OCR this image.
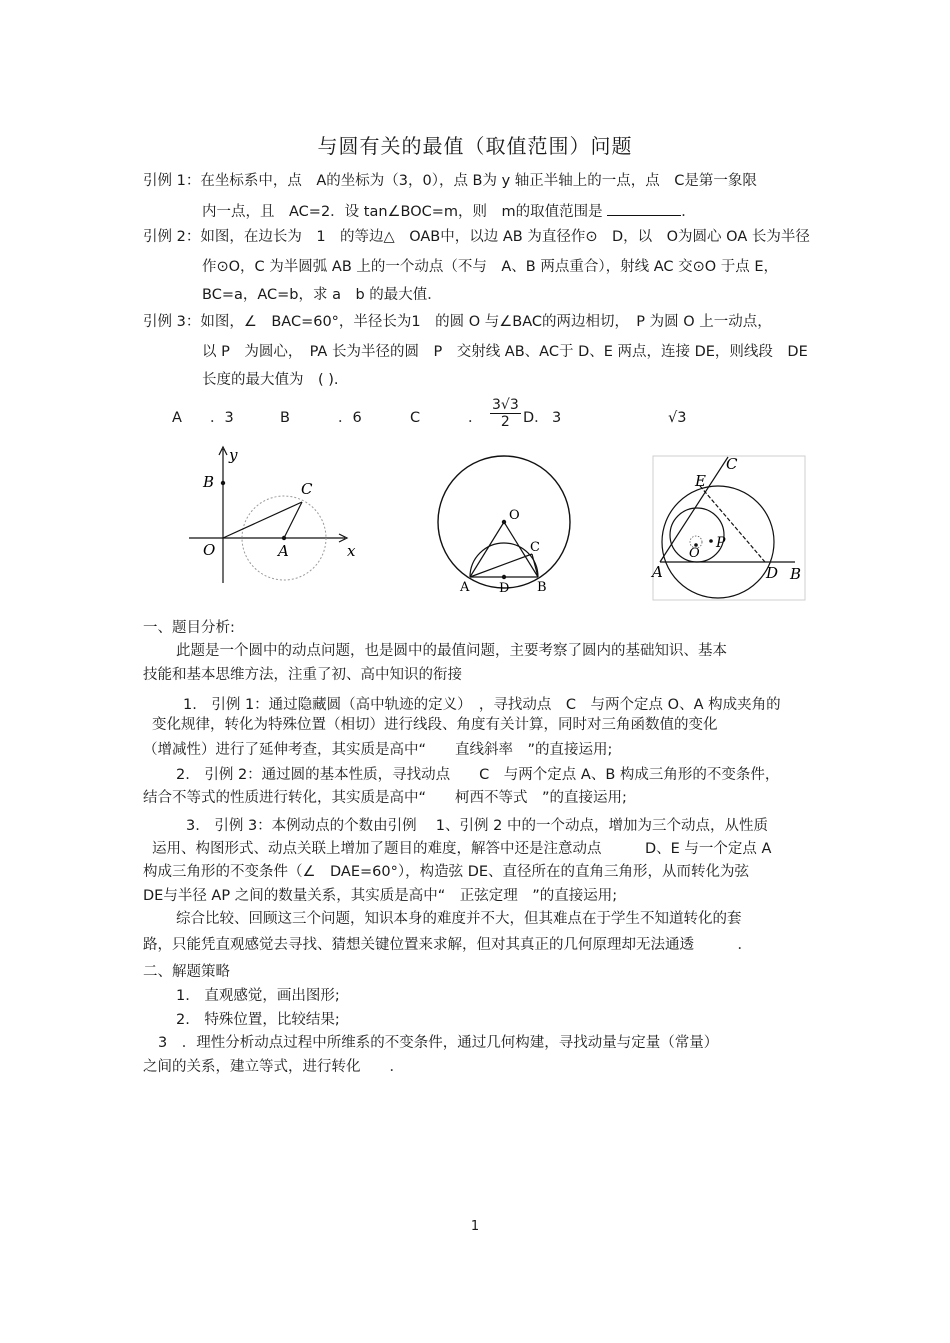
与圆有关的最值（取值范围）问题
引例 1：在坐标系中，点　A的坐标为（3，0），点 B为 y 轴正半轴上的一点，点　C是第一象限
内一点，且　AC=2．设 tan∠BOC=m，则　m的取值范围是	．
引例 2：如图，在边长为　1　的等边△　OAB中，以边 AB 为直径作⊙　D，以　O为圆心 OA 长为半径
作⊙O，C 为半圆弧 AB 上的一个动点（不与　A、B 两点重合），射线 AC 交⊙O 于点 E，
BC=a，AC=b，求 a　b 的最大值．
引例 3：如图，∠　BAC=60°，半径长为1　的圆 O 与∠BAC的两边相切，　P 为圆 O 上一动点，
以 P　为圆心，　PA 长为半径的圆　P　交射线 AB、AC于 D、E 两点，连接 DE，则线段　DE
长度的最大值为　( ).
A ．3	B	．6	C	． $\frac{3√3}{2}$ D． 3	√3
y
B	C
O	A	x
O
C
A D B
C
E
O
P
A	D B
一、题目分析:
此题是一个圆中的动点问题，也是圆中的最值问题，主要考察了圆内的基础知识、基本
技能和基本思维方法，注重了初、高中知识的衔接
1.　引例 1：通过隐藏圆（高中轨迹的定义）　，寻找动点　C　与两个定点 O、A 构成夹角的
变化规律，转化为特殊位置（相切）进行线段、角度有关计算，同时对三角函数值的变化
（增减性）进行了延伸考查，其实质是高中“　　直线斜率　”的直接运用;
2.　引例 2：通过圆的基本性质，寻找动点　　C　与两个定点 A、B 构成三角形的不变条件，
结合不等式的性质进行转化，其实质是高中“　　柯西不等式　”的直接运用;
3.　引例 3：本例动点的个数由引例　 1、引例 2 中的一个动点，增加为三个动点，从性质
运用、构图形式、动点关联上增加了题目的难度，解答中还是注意动点　　　D、E 与一个定点 A
构成三角形的不变条件（∠　DAE=60°），构造弦 DE、直径所在的直角三角形，从而转化为弦
DE与半径 AP 之间的数量关系，其实质是高中“　正弦定理　”的直接运用;
综合比较、回顾这三个问题，知识本身的难度并不大，但其难点在于学生不知道转化的套
路，只能凭直观感觉去寻找、猜想关键位置来求解，但对其真正的几何原理却无法通透　　　．
二、解题策略
1.　直观感觉，画出图形;
2.　特殊位置，比较结果;
3　．理性分析动点过程中所维系的不变条件，通过几何构建，寻找动量与定量（常量）
之间的关系，建立等式，进行转化　　．
1
